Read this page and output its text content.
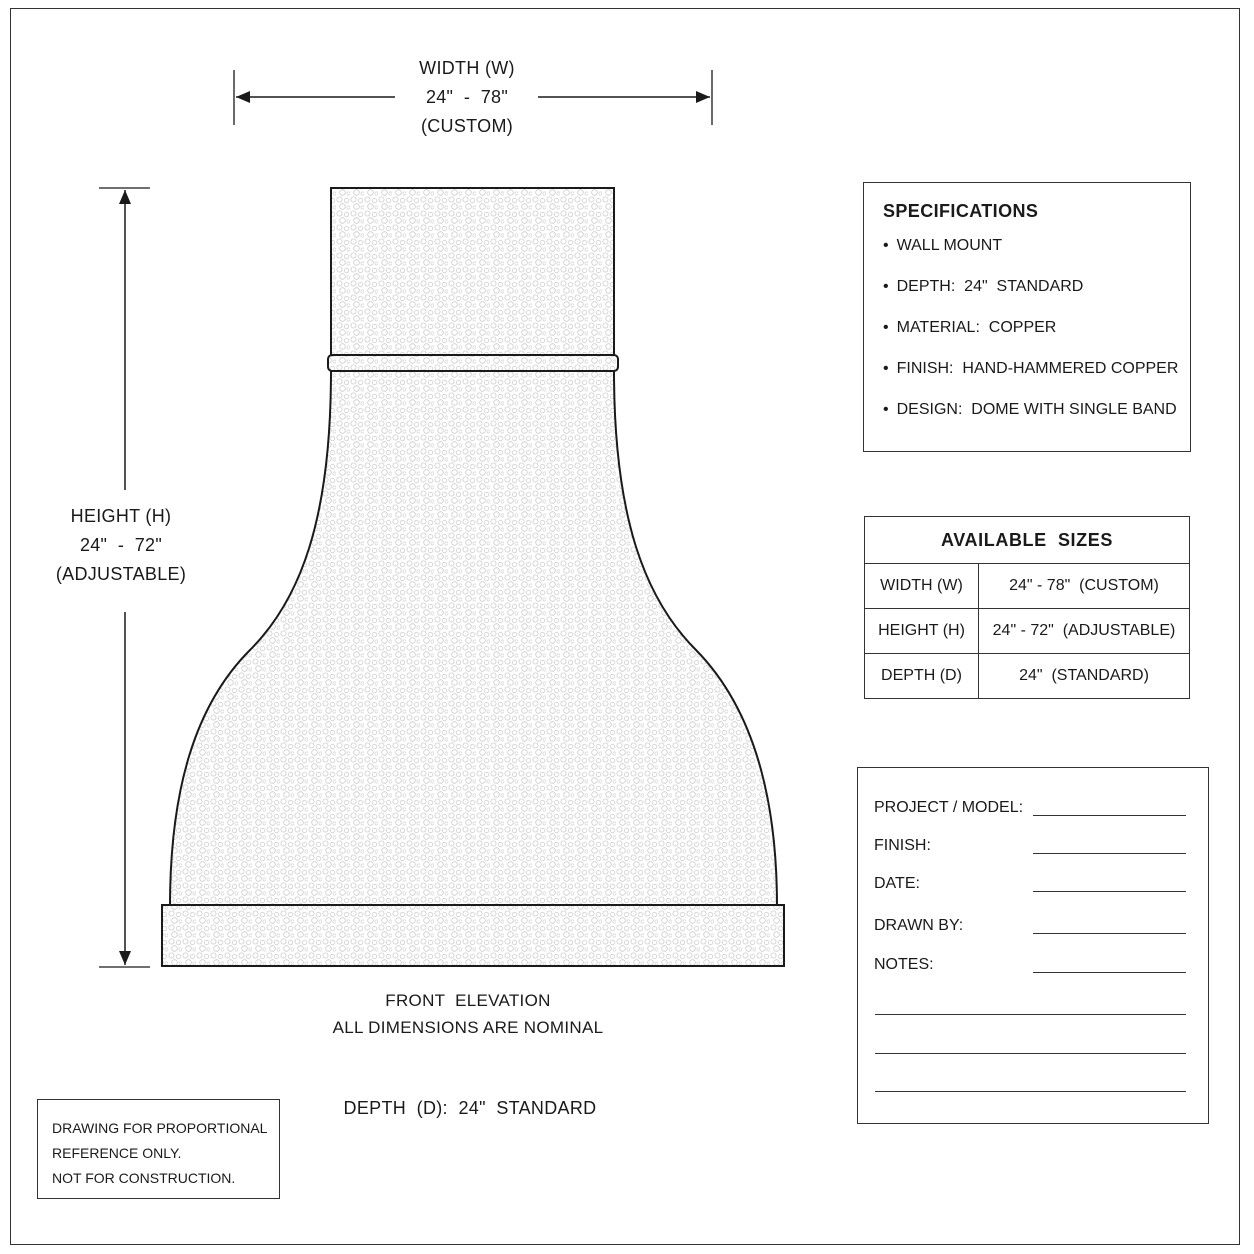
WIDTH (W)
24"  -  78"
(CUSTOM)
HEIGHT (H)
24"  -  72"
(ADJUSTABLE)
FRONT  ELEVATION
ALL DIMENSIONS ARE NOMINAL
DEPTH  (D):  24"  STANDARD
SPECIFICATIONS
• WALL MOUNT
• DEPTH:  24"  STANDARD
• MATERIAL:  COPPER
• FINISH:  HAND-HAMMERED COPPER
• DESIGN:  DOME WITH SINGLE BAND
AVAILABLE  SIZES	
WIDTH (W)	24" - 78"  (CUSTOM)
HEIGHT (H)	24" - 72"  (ADJUSTABLE)
DEPTH (D)	24"  (STANDARD)
PROJECT / MODEL:
FINISH:
DATE:
DRAWN BY:
NOTES:
DRAWING FOR PROPORTIONAL
REFERENCE ONLY.
NOT FOR CONSTRUCTION.
